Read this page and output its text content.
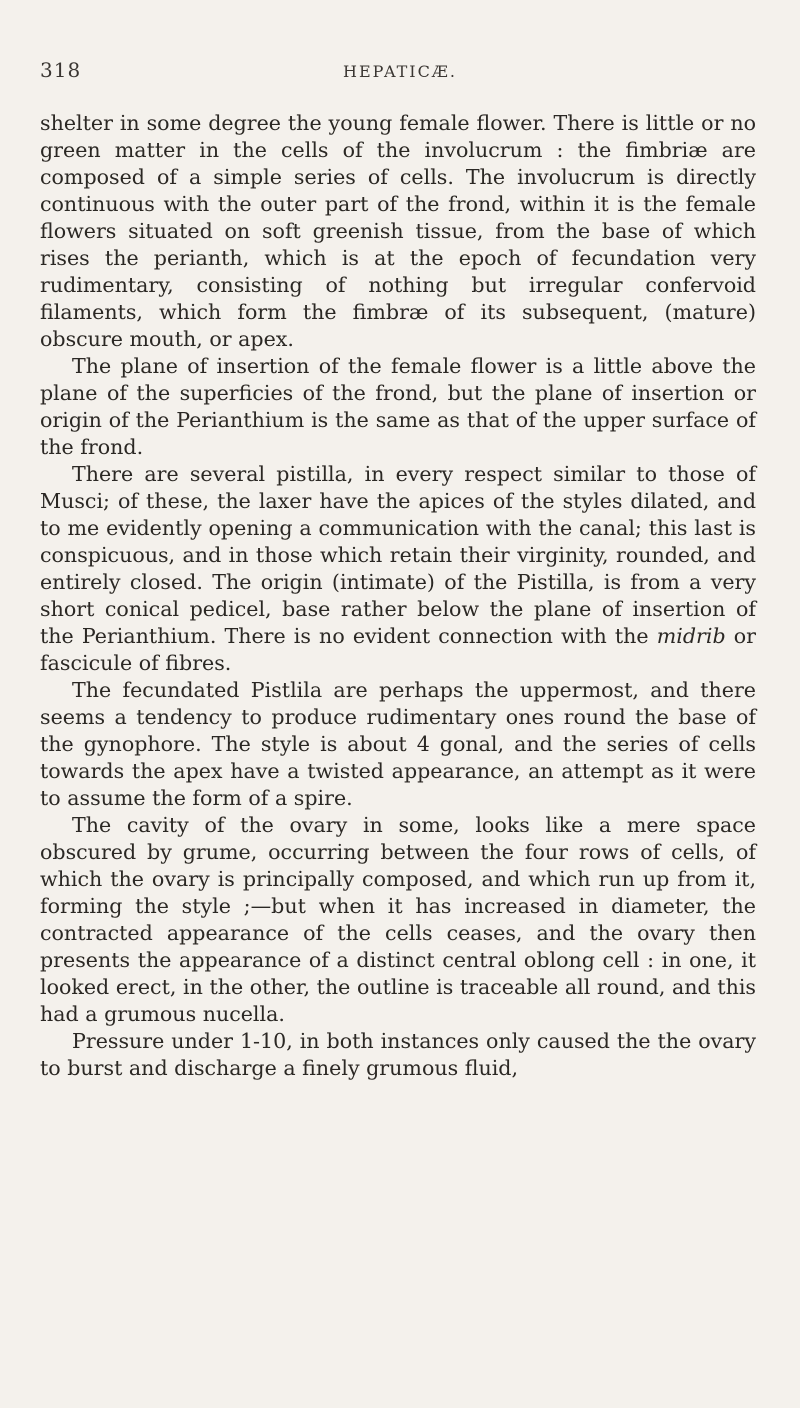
318	HEPATICÆ.

shelter in some degree the young female flower. There is little or no green matter in the cells of the involucrum : the fimbriæ are composed of a simple series of cells. The involucrum is directly continuous with the outer part of the frond, within it is the female flowers situated on soft greenish tissue, from the base of which rises the perianth, which is at the epoch of fecundation very rudimentary, consisting of nothing but irregular confervoid filaments, which form the fimbræ of its subsequent, (mature) obscure mouth, or apex.

The plane of insertion of the female flower is a little above the plane of the superficies of the frond, but the plane of insertion or origin of the Perianthium is the same as that of the upper surface of the frond.

There are several pistilla, in every respect similar to those of Musci; of these, the laxer have the apices of the styles dilated, and to me evidently opening a communication with the canal; this last is conspicuous, and in those which retain their virginity, rounded, and entirely closed. The origin (intimate) of the Pistilla, is from a very short conical pedicel, base rather below the plane of insertion of the Perianthium. There is no evident connection with the midrib or fascicule of fibres.

The fecundated Pistlila are perhaps the uppermost, and there seems a tendency to produce rudimentary ones round the base of the gynophore. The style is about 4 gonal, and the series of cells towards the apex have a twisted appearance, an attempt as it were to assume the form of a spire.

The cavity of the ovary in some, looks like a mere space obscured by grume, occurring between the four rows of cells, of which the ovary is principally composed, and which run up from it, forming the style ;—but when it has increased in diameter, the contracted appearance of the cells ceases, and the ovary then presents the appearance of a distinct central oblong cell : in one, it looked erect, in the other, the outline is traceable all round, and this had a grumous nucella.

Pressure under 1-10, in both instances only caused the the ovary to burst and discharge a finely grumous fluid,
